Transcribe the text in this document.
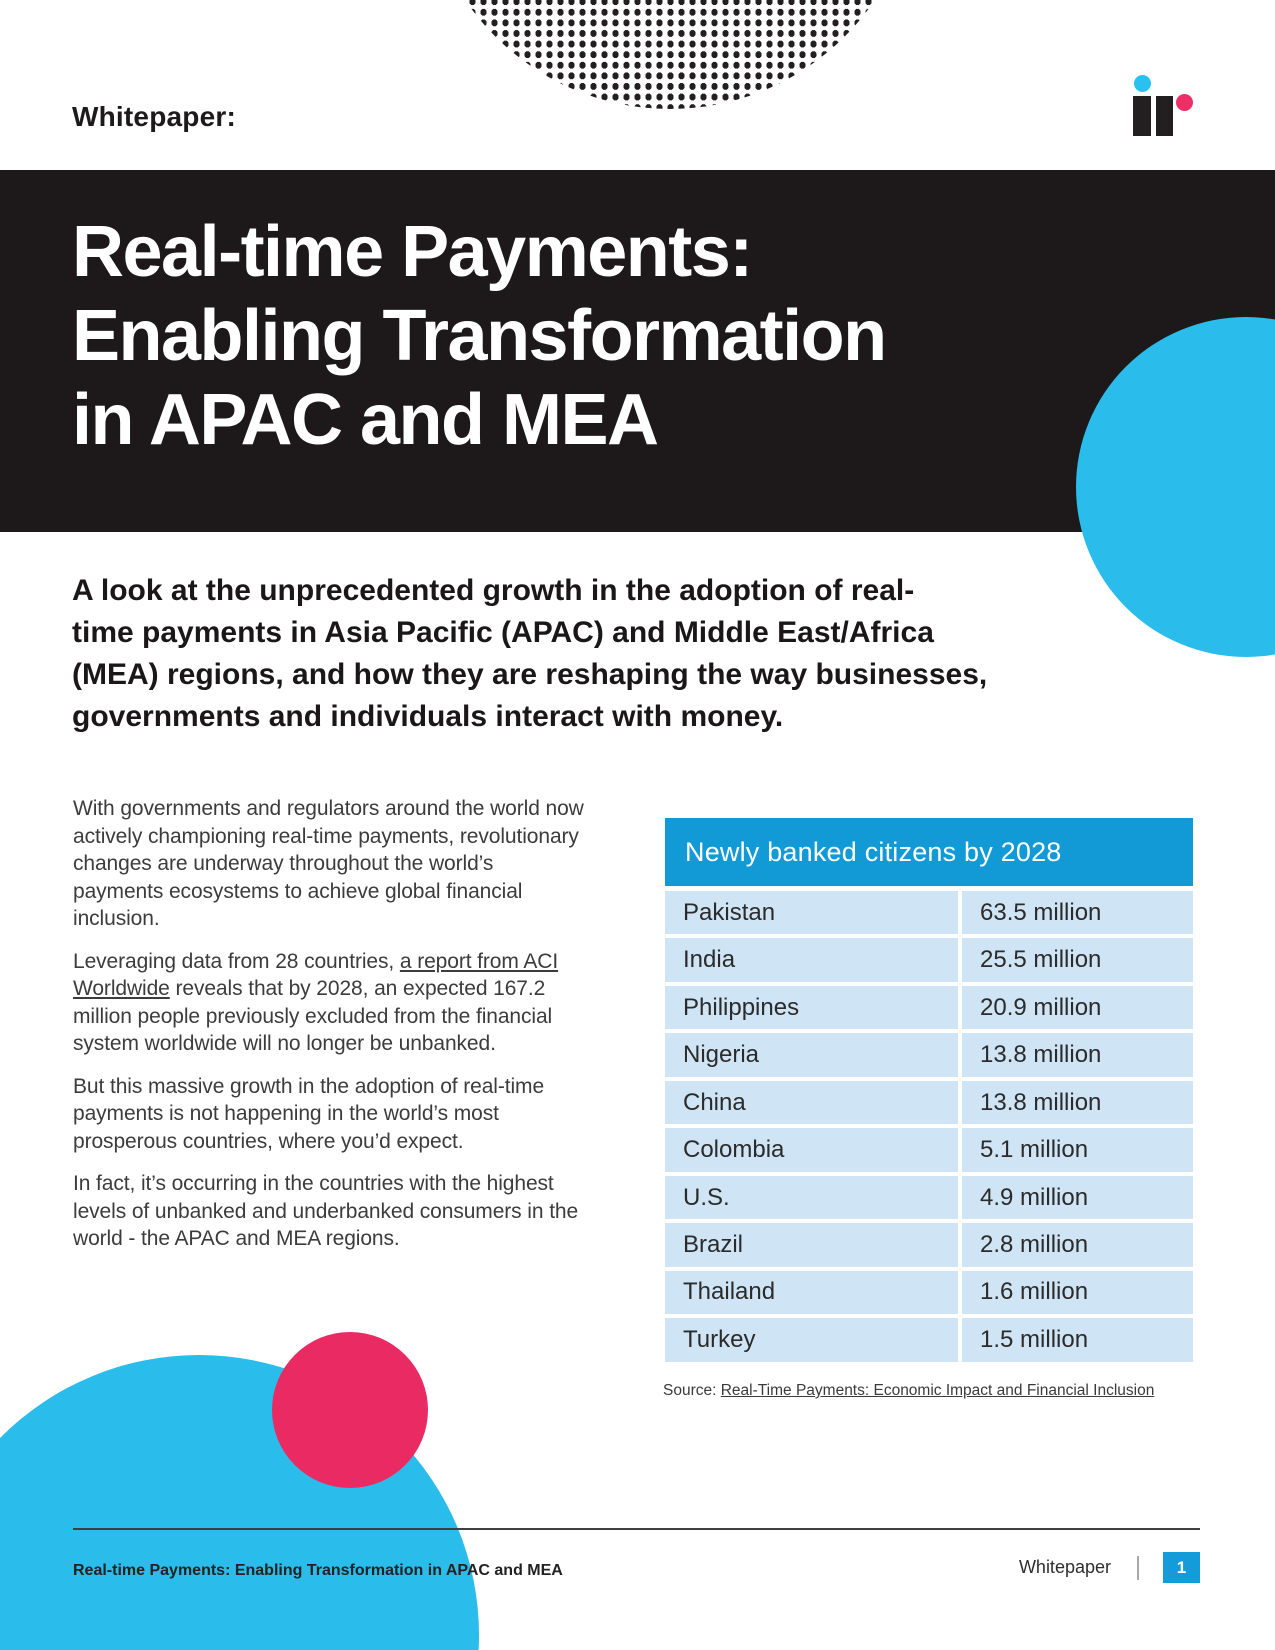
Whitepaper:
Real-time Payments:
Enabling Transformation
in APAC and MEA
A look at the unprecedented growth in the adoption of real-
time payments in Asia Pacific (APAC) and Middle East/Africa
(MEA) regions, and how they are reshaping the way businesses,
governments and individuals interact with money.

With governments and regulators around the world now actively championing real-time payments, revolutionary changes are underway throughout the world’s payments ecosystems to achieve global financial inclusion.

Leveraging data from 28 countries, a report from ACI Worldwide reveals that by 2028, an expected 167.2 million people previously excluded from the financial system worldwide will no longer be unbanked.

But this massive growth in the adoption of real-time payments is not happening in the world’s most prosperous countries, where you’d expect.

In fact, it’s occurring in the countries with the highest levels of unbanked and underbanked consumers in the world - the APAC and MEA regions.

Newly banked citizens by 2028
Pakistan	63.5 million
India	25.5 million
Philippines	20.9 million
Nigeria	13.8 million
China	13.8 million
Colombia	5.1 million
U.S.	4.9 million
Brazil	2.8 million
Thailand	1.6 million
Turkey	1.5 million
Source: Real-Time Payments: Economic Impact and Financial Inclusion
Real-time Payments: Enabling Transformation in APAC and MEA	Whitepaper	1
